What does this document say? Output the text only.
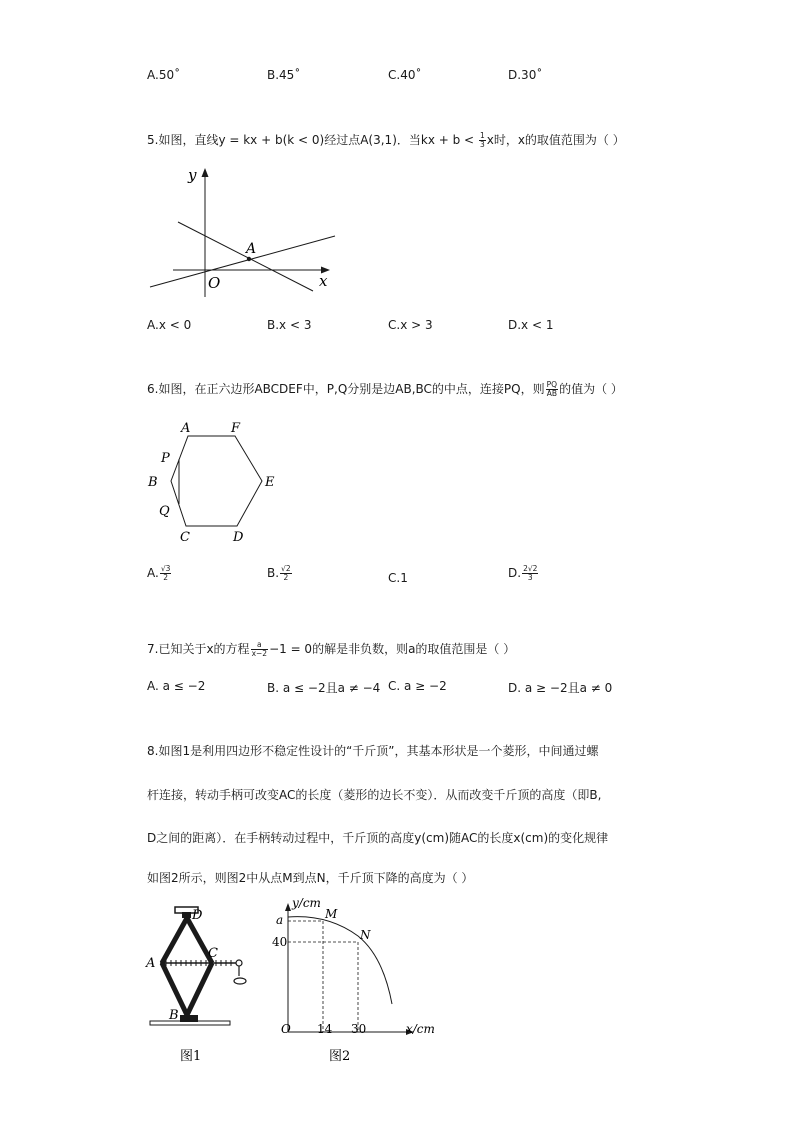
A.50˚	B.45˚	C.40˚	D.30˚
5.如图，直线y = kx + b(k < 0)经过点A(3,1)．当kx + $b < \frac{1}{3}$ x时，x的取值范围为（ ）
y
x
O
A
A.x < 0	B.x < 3	C.x > 3	D.x < 1
6.如图，在正六边形ABCDEF中，P,Q分别是边AB,BC的中点，连接PQ，则 $\frac{PQ}{AB}$ 的值为（ ）
A	F
E
D
C
B
P
Q
A. $\frac{√3}{2}$	B. $\frac{√2}{2}$	C.1	D. $\frac{2√2}{3}$
7.已知关于x的方程 $\frac{a}{x-2} -1 = 0$的解是非负数，则a的取值范围是（ ）
A. a ≤ −2	B. a ≤ −2且a ≠ −4 C. a ≥ −2	D. a ≥ −2且a ≠ 0
8.如图1是利用四边形不稳定性设计的“千斤顶”，其基本形状是一个菱形，中间通过螺
杆连接，转动手柄可改变AC的长度（菱形的边长不变）．从而改变千斤顶的高度（即B,
D之间的距离）．在手柄转动过程中，千斤顶的高度y(cm)随AC的长度x(cm)的变化规律
如图2所示，则图2中从点M到点N，千斤顶下降的高度为（ ）
D
A
C
B
图1
y/cm
x/cm
a
40
M
N
O 14 30
图2
